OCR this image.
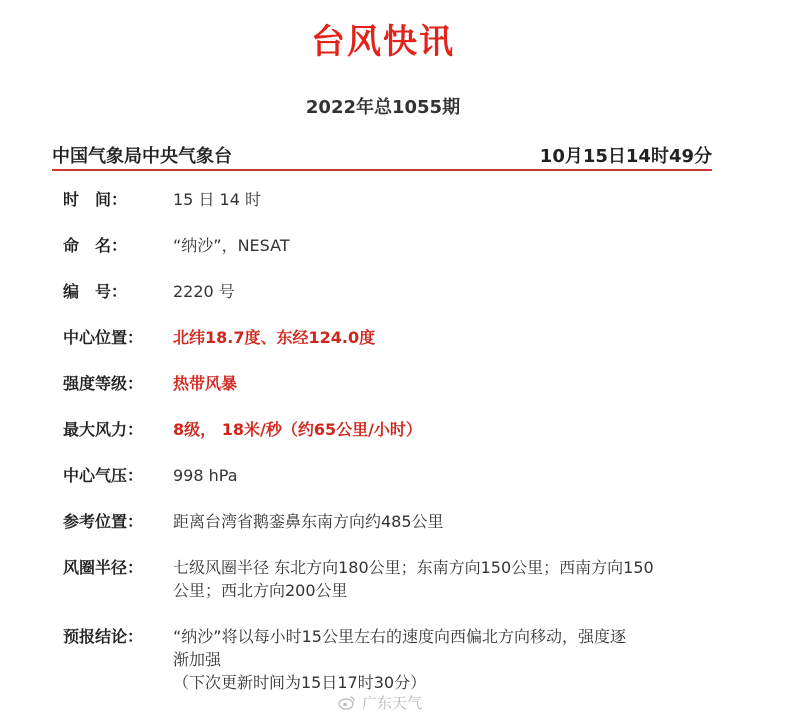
台风快讯
2022年总1055期
中国气象局中央气象台	10月15日14时49分
时　间：	15 日 14 时
命　名：	“纳沙”，NESAT
编　号：	2220 号
中心位置：	北纬18.7度、东经124.0度
强度等级：	热带风暴
最大风力：	8级， 18米/秒（约65公里/小时）
中心气压：	998 hPa
参考位置：	距离台湾省鹅銮鼻东南方向约485公里
风圈半径：	七级风圈半径 东北方向180公里；东南方向150公里；西南方向150
公里；西北方向200公里
预报结论：	“纳沙”将以每小时15公里左右的速度向西偏北方向移动，强度逐
渐加强
（下次更新时间为15日17时30分）
广东天气
